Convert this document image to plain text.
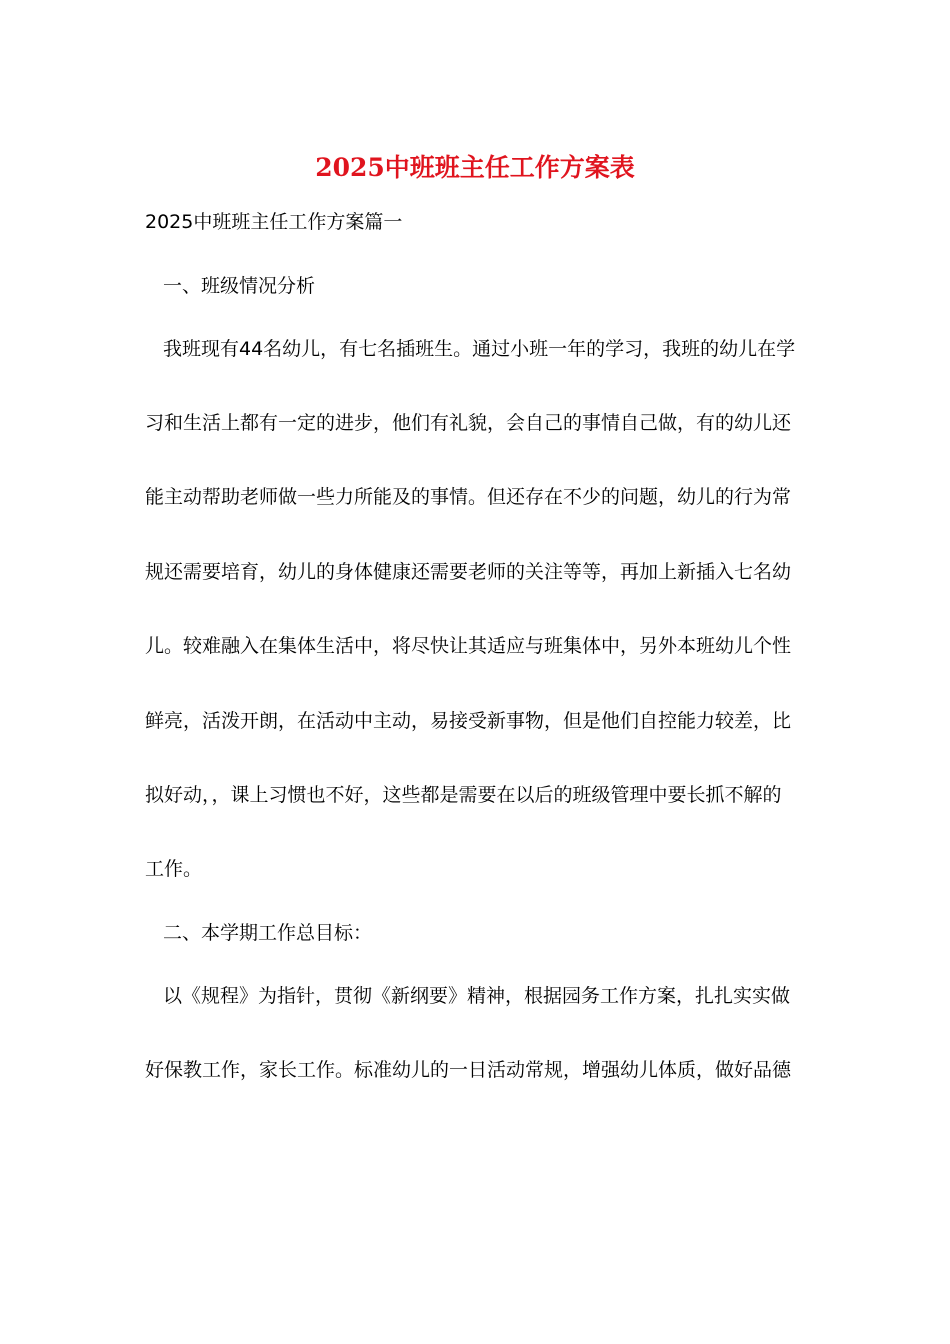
2025中班班主任工作方案表

2025中班班主任工作方案篇一

一、班级情况分析

我班现有44名幼儿，有七名插班生。通过小班一年的学习，我班的幼儿在学

习和生活上都有一定的进步，他们有礼貌，会自己的事情自己做，有的幼儿还

能主动帮助老师做一些力所能及的事情。但还存在不少的问题，幼儿的行为常

规还需要培育，幼儿的身体健康还需要老师的关注等等，再加上新插入七名幼

儿。较难融入在集体生活中，将尽快让其适应与班集体中，另外本班幼儿个性

鲜亮，活泼开朗，在活动中主动，易接受新事物，但是他们自控能力较差，比

拟好动，，课上习惯也不好，这些都是需要在以后的班级管理中要长抓不解的

工作。

二、本学期工作总目标：

以《规程》为指针，贯彻《新纲要》精神，根据园务工作方案，扎扎实实做

好保教工作，家长工作。标准幼儿的一日活动常规，增强幼儿体质，做好品德
